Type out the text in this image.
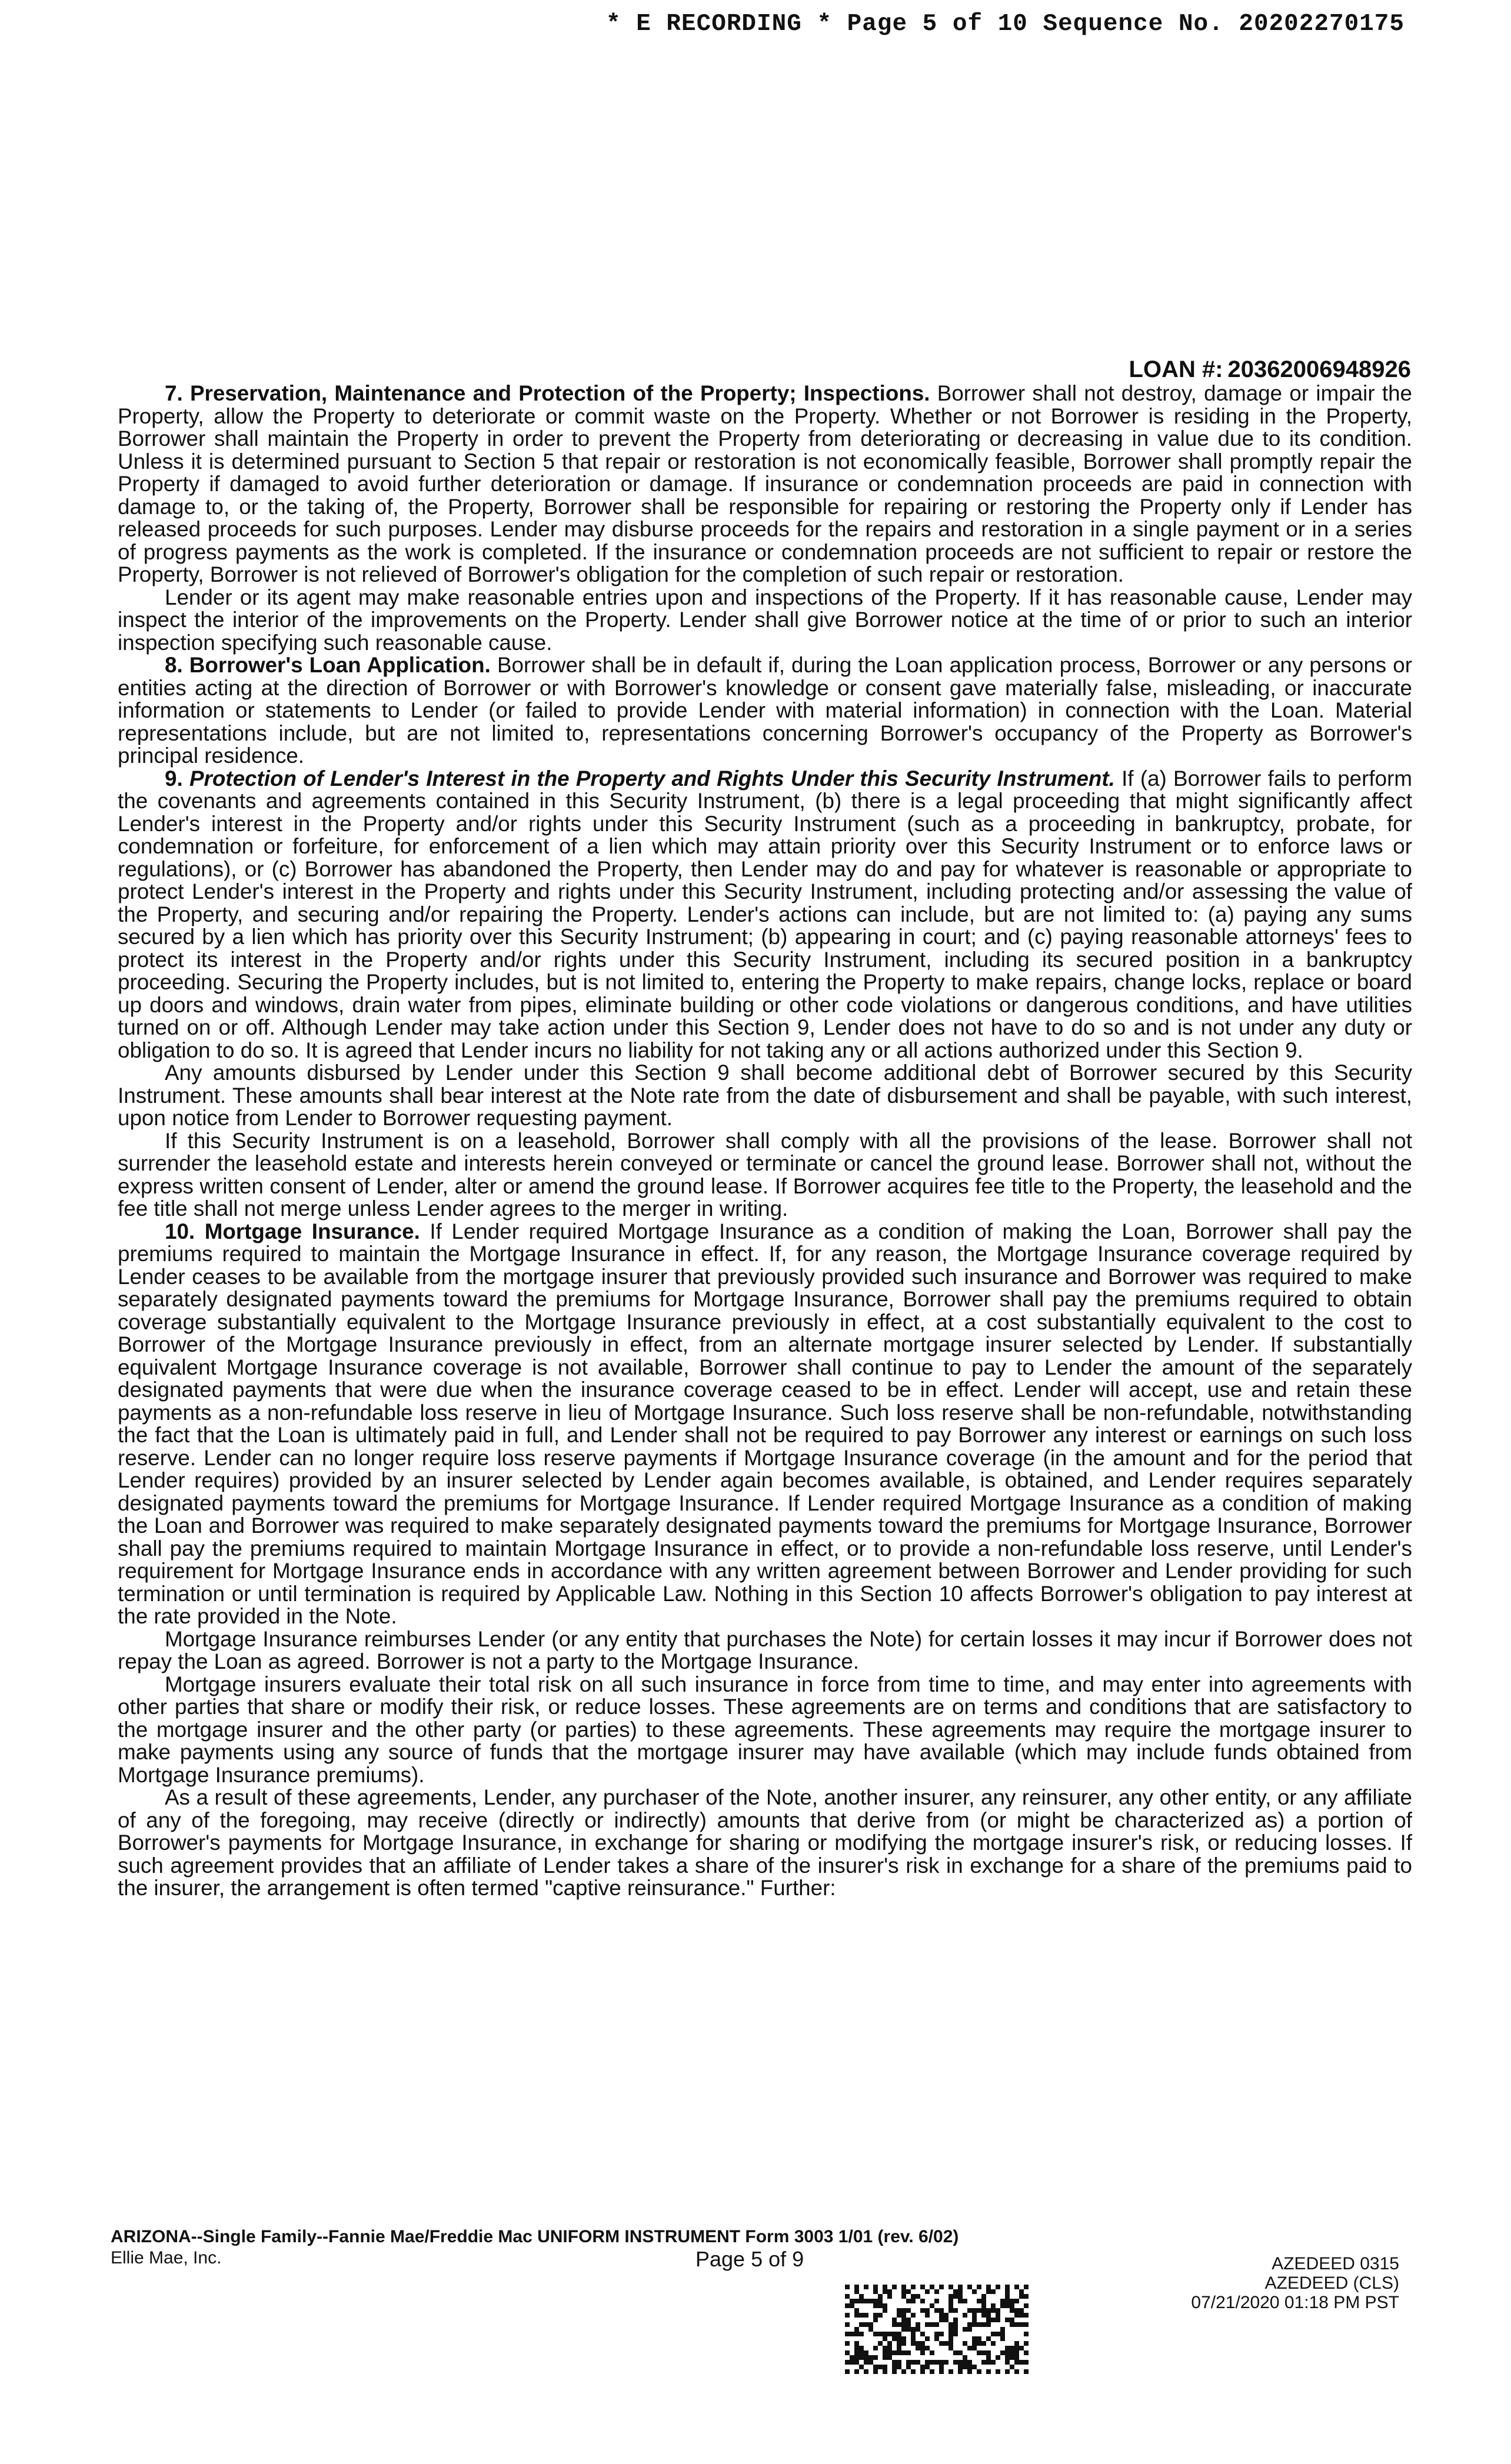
* E RECORDING * Page 5 of 10 Sequence No. 20202270175
LOAN #: 20362006948926

7. Preservation, Maintenance and Protection of the Property; Inspections. Borrower shall not destroy, damage or impair the Property, allow the Property to deteriorate or commit waste on the Property. Whether or not Borrower is residing in the Property, Borrower shall maintain the Property in order to prevent the Property from deteriorating or decreasing in value due to its condition. Unless it is determined pursuant to Section 5 that repair or restoration is not economically feasible, Borrower shall promptly repair the Property if damaged to avoid further deterioration or damage. If insurance or condemnation proceeds are paid in connection with damage to, or the taking of, the Property, Borrower shall be responsible for repairing or restoring the Property only if Lender has released proceeds for such purposes. Lender may disburse proceeds for the repairs and restoration in a single payment or in a series of progress payments as the work is completed. If the insurance or condemnation proceeds are not sufficient to repair or restore the Property, Borrower is not relieved of Borrower's obligation for the completion of such repair or restoration.

Lender or its agent may make reasonable entries upon and inspections of the Property. If it has reasonable cause, Lender may inspect the interior of the improvements on the Property. Lender shall give Borrower notice at the time of or prior to such an interior inspection specifying such reasonable cause.

8. Borrower's Loan Application. Borrower shall be in default if, during the Loan application process, Borrower or any persons or entities acting at the direction of Borrower or with Borrower's knowledge or consent gave materially false, misleading, or inaccurate information or statements to Lender (or failed to provide Lender with material information) in connection with the Loan. Material representations include, but are not limited to, representations concerning Borrower's occupancy of the Property as Borrower's principal residence.

9. Protection of Lender's Interest in the Property and Rights Under this Security Instrument. If (a) Borrower fails to perform the covenants and agreements contained in this Security Instrument, (b) there is a legal proceeding that might significantly affect Lender's interest in the Property and/or rights under this Security Instrument (such as a proceeding in bankruptcy, probate, for condemnation or forfeiture, for enforcement of a lien which may attain priority over this Security Instrument or to enforce laws or regulations), or (c) Borrower has abandoned the Property, then Lender may do and pay for whatever is reasonable or appropriate to protect Lender's interest in the Property and rights under this Security Instrument, including protecting and/or assessing the value of the Property, and securing and/or repairing the Property. Lender's actions can include, but are not limited to: (a) paying any sums secured by a lien which has priority over this Security Instrument; (b) appearing in court; and (c) paying reasonable attorneys' fees to protect its interest in the Property and/or rights under this Security Instrument, including its secured position in a bankruptcy proceeding. Securing the Property includes, but is not limited to, entering the Property to make repairs, change locks, replace or board up doors and windows, drain water from pipes, eliminate building or other code violations or dangerous conditions, and have utilities turned on or off. Although Lender may take action under this Section 9, Lender does not have to do so and is not under any duty or obligation to do so. It is agreed that Lender incurs no liability for not taking any or all actions authorized under this Section 9.

Any amounts disbursed by Lender under this Section 9 shall become additional debt of Borrower secured by this Security Instrument. These amounts shall bear interest at the Note rate from the date of disbursement and shall be payable, with such interest, upon notice from Lender to Borrower requesting payment.

If this Security Instrument is on a leasehold, Borrower shall comply with all the provisions of the lease. Borrower shall not surrender the leasehold estate and interests herein conveyed or terminate or cancel the ground lease. Borrower shall not, without the express written consent of Lender, alter or amend the ground lease. If Borrower acquires fee title to the Property, the leasehold and the fee title shall not merge unless Lender agrees to the merger in writing.

10. Mortgage Insurance. If Lender required Mortgage Insurance as a condition of making the Loan, Borrower shall pay the premiums required to maintain the Mortgage Insurance in effect. If, for any reason, the Mortgage Insurance coverage required by Lender ceases to be available from the mortgage insurer that previously provided such insurance and Borrower was required to make separately designated payments toward the premiums for Mortgage Insurance, Borrower shall pay the premiums required to obtain coverage substantially equivalent to the Mortgage Insurance previously in effect, at a cost substantially equivalent to the cost to Borrower of the Mortgage Insurance previously in effect, from an alternate mortgage insurer selected by Lender. If substantially equivalent Mortgage Insurance coverage is not available, Borrower shall continue to pay to Lender the amount of the separately designated payments that were due when the insurance coverage ceased to be in effect. Lender will accept, use and retain these payments as a non-refundable loss reserve in lieu of Mortgage Insurance. Such loss reserve shall be non-refundable, notwithstanding the fact that the Loan is ultimately paid in full, and Lender shall not be required to pay Borrower any interest or earnings on such loss reserve. Lender can no longer require loss reserve payments if Mortgage Insurance coverage (in the amount and for the period that Lender requires) provided by an insurer selected by Lender again becomes available, is obtained, and Lender requires separately designated payments toward the premiums for Mortgage Insurance. If Lender required Mortgage Insurance as a condition of making the Loan and Borrower was required to make separately designated payments toward the premiums for Mortgage Insurance, Borrower shall pay the premiums required to maintain Mortgage Insurance in effect, or to provide a non-refundable loss reserve, until Lender's requirement for Mortgage Insurance ends in accordance with any written agreement between Borrower and Lender providing for such termination or until termination is required by Applicable Law. Nothing in this Section 10 affects Borrower's obligation to pay interest at the rate provided in the Note.

Mortgage Insurance reimburses Lender (or any entity that purchases the Note) for certain losses it may incur if Borrower does not repay the Loan as agreed. Borrower is not a party to the Mortgage Insurance.

Mortgage insurers evaluate their total risk on all such insurance in force from time to time, and may enter into agreements with other parties that share or modify their risk, or reduce losses. These agreements are on terms and conditions that are satisfactory to the mortgage insurer and the other party (or parties) to these agreements. These agreements may require the mortgage insurer to make payments using any source of funds that the mortgage insurer may have available (which may include funds obtained from Mortgage Insurance premiums).

As a result of these agreements, Lender, any purchaser of the Note, another insurer, any reinsurer, any other entity, or any affiliate of any of the foregoing, may receive (directly or indirectly) amounts that derive from (or might be characterized as) a portion of Borrower's payments for Mortgage Insurance, in exchange for sharing or modifying the mortgage insurer's risk, or reducing losses. If such agreement provides that an affiliate of Lender takes a share of the insurer's risk in exchange for a share of the premiums paid to the insurer, the arrangement is often termed "captive reinsurance." Further:

ARIZONA--Single Family--Fannie Mae/Freddie Mac UNIFORM INSTRUMENT Form 3003 1/01 (rev. 6/02)
Ellie Mae, Inc.	Page 5 of 9	AZEDEED 0315
AZEDEED (CLS)
07/21/2020 01:18 PM PST
